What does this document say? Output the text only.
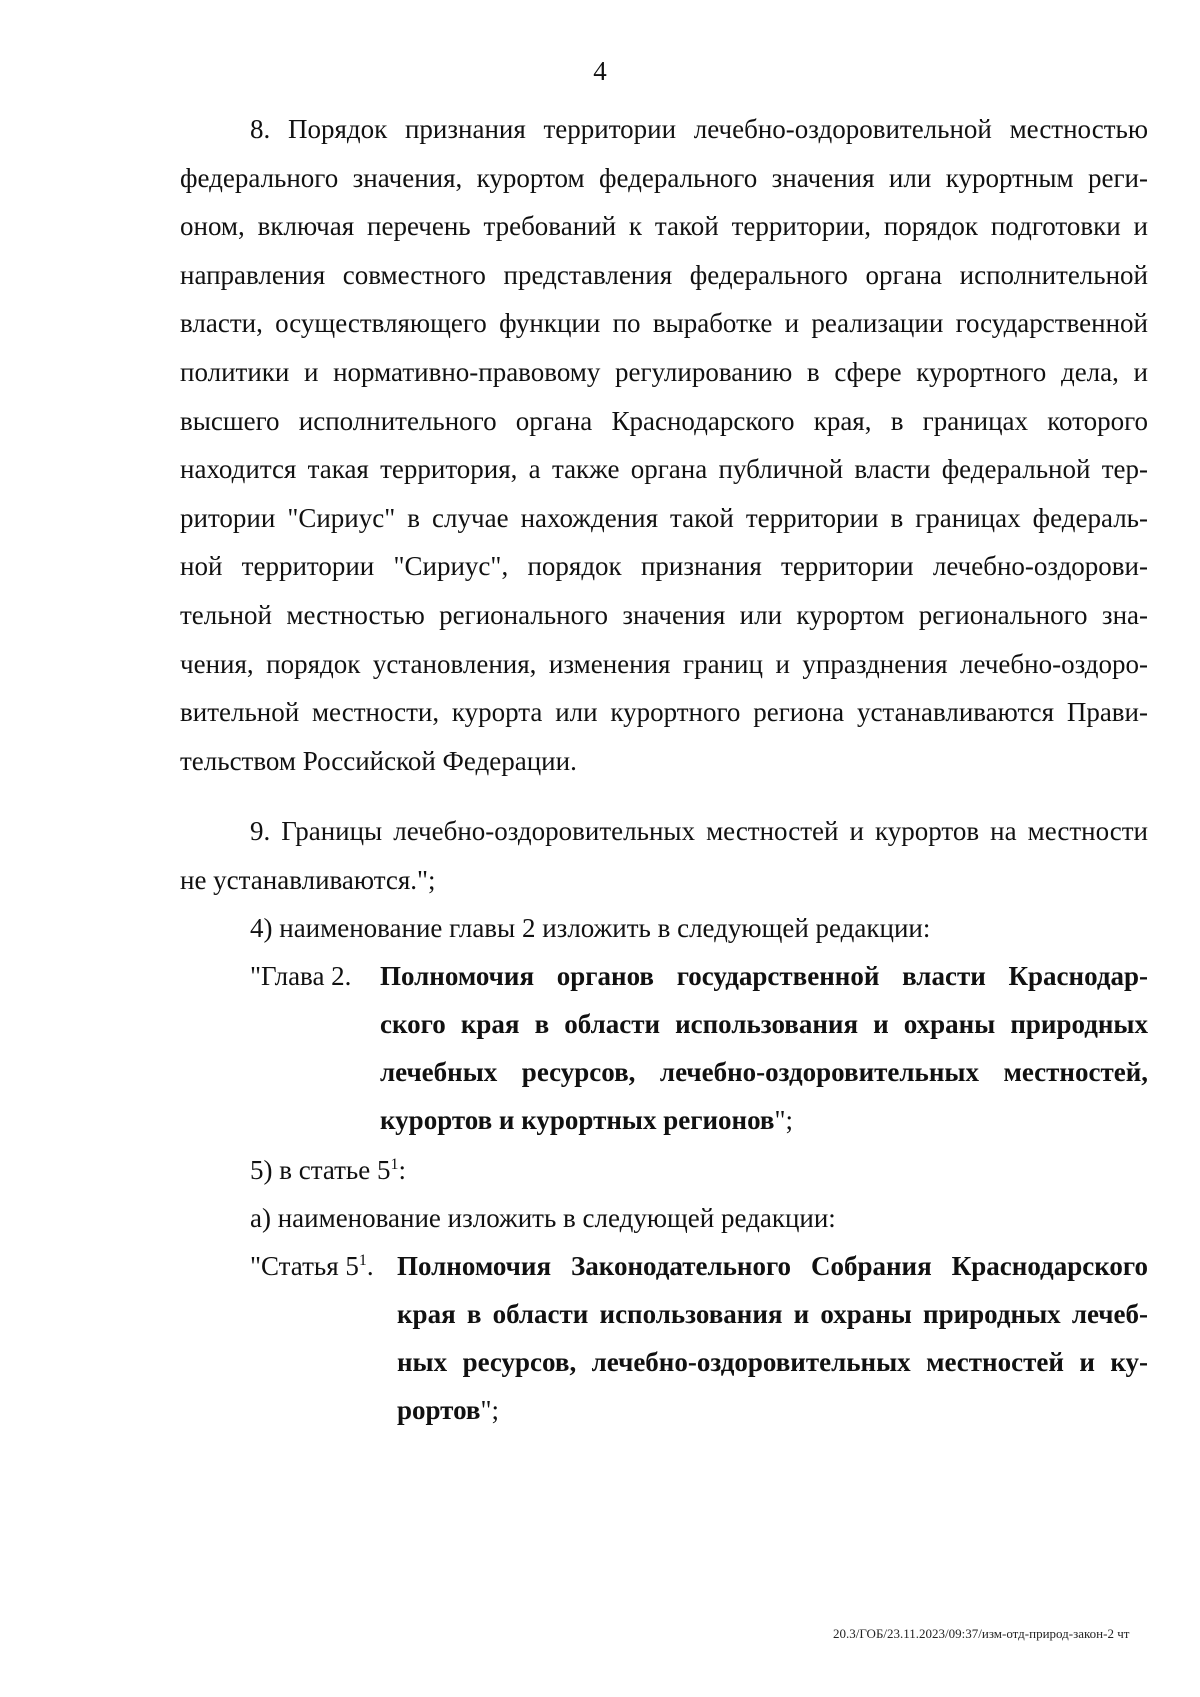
4
8. Порядок признания территории лечебно-оздоровительной местностью
федерального значения, курортом федерального значения или курортным реги-
оном, включая перечень требований к такой территории, порядок подготовки и
направления совместного представления федерального органа исполнительной
власти, осуществляющего функции по выработке и реализации государственной
политики и нормативно-правовому регулированию в сфере курортного дела, и
высшего исполнительного органа Краснодарского края, в границах которого
находится такая территория, а также органа публичной власти федеральной тер-
ритории "Сириус" в случае нахождения такой территории в границах федераль-
ной территории "Сириус", порядок признания территории лечебно-оздорови-
тельной местностью регионального значения или курортом регионального зна-
чения, порядок установления, изменения границ и упразднения лечебно-оздоро-
вительной местности, курорта или курортного региона устанавливаются Прави-
тельством Российской Федерации.
9. Границы лечебно-оздоровительных местностей и курортов на местности
не устанавливаются.";
4) наименование главы 2 изложить в следующей редакции:
"Глава 2. Полномочия органов государственной власти Краснодар-
ского края в области использования и охраны природных
лечебных ресурсов, лечебно-оздоровительных местностей,
курортов и курортных регионов";
5) в статье $5^1$:
а) наименование изложить в следующей редакции:
"Статья $5^1$. Полномочия Законодательного Собрания Краснодарского
края в области использования и охраны природных лечеб-
ных ресурсов, лечебно-оздоровительных местностей и ку-
рортов";
20.3/ГОБ/23.11.2023/09:37/изм-отд-природ-закон-2 чт
